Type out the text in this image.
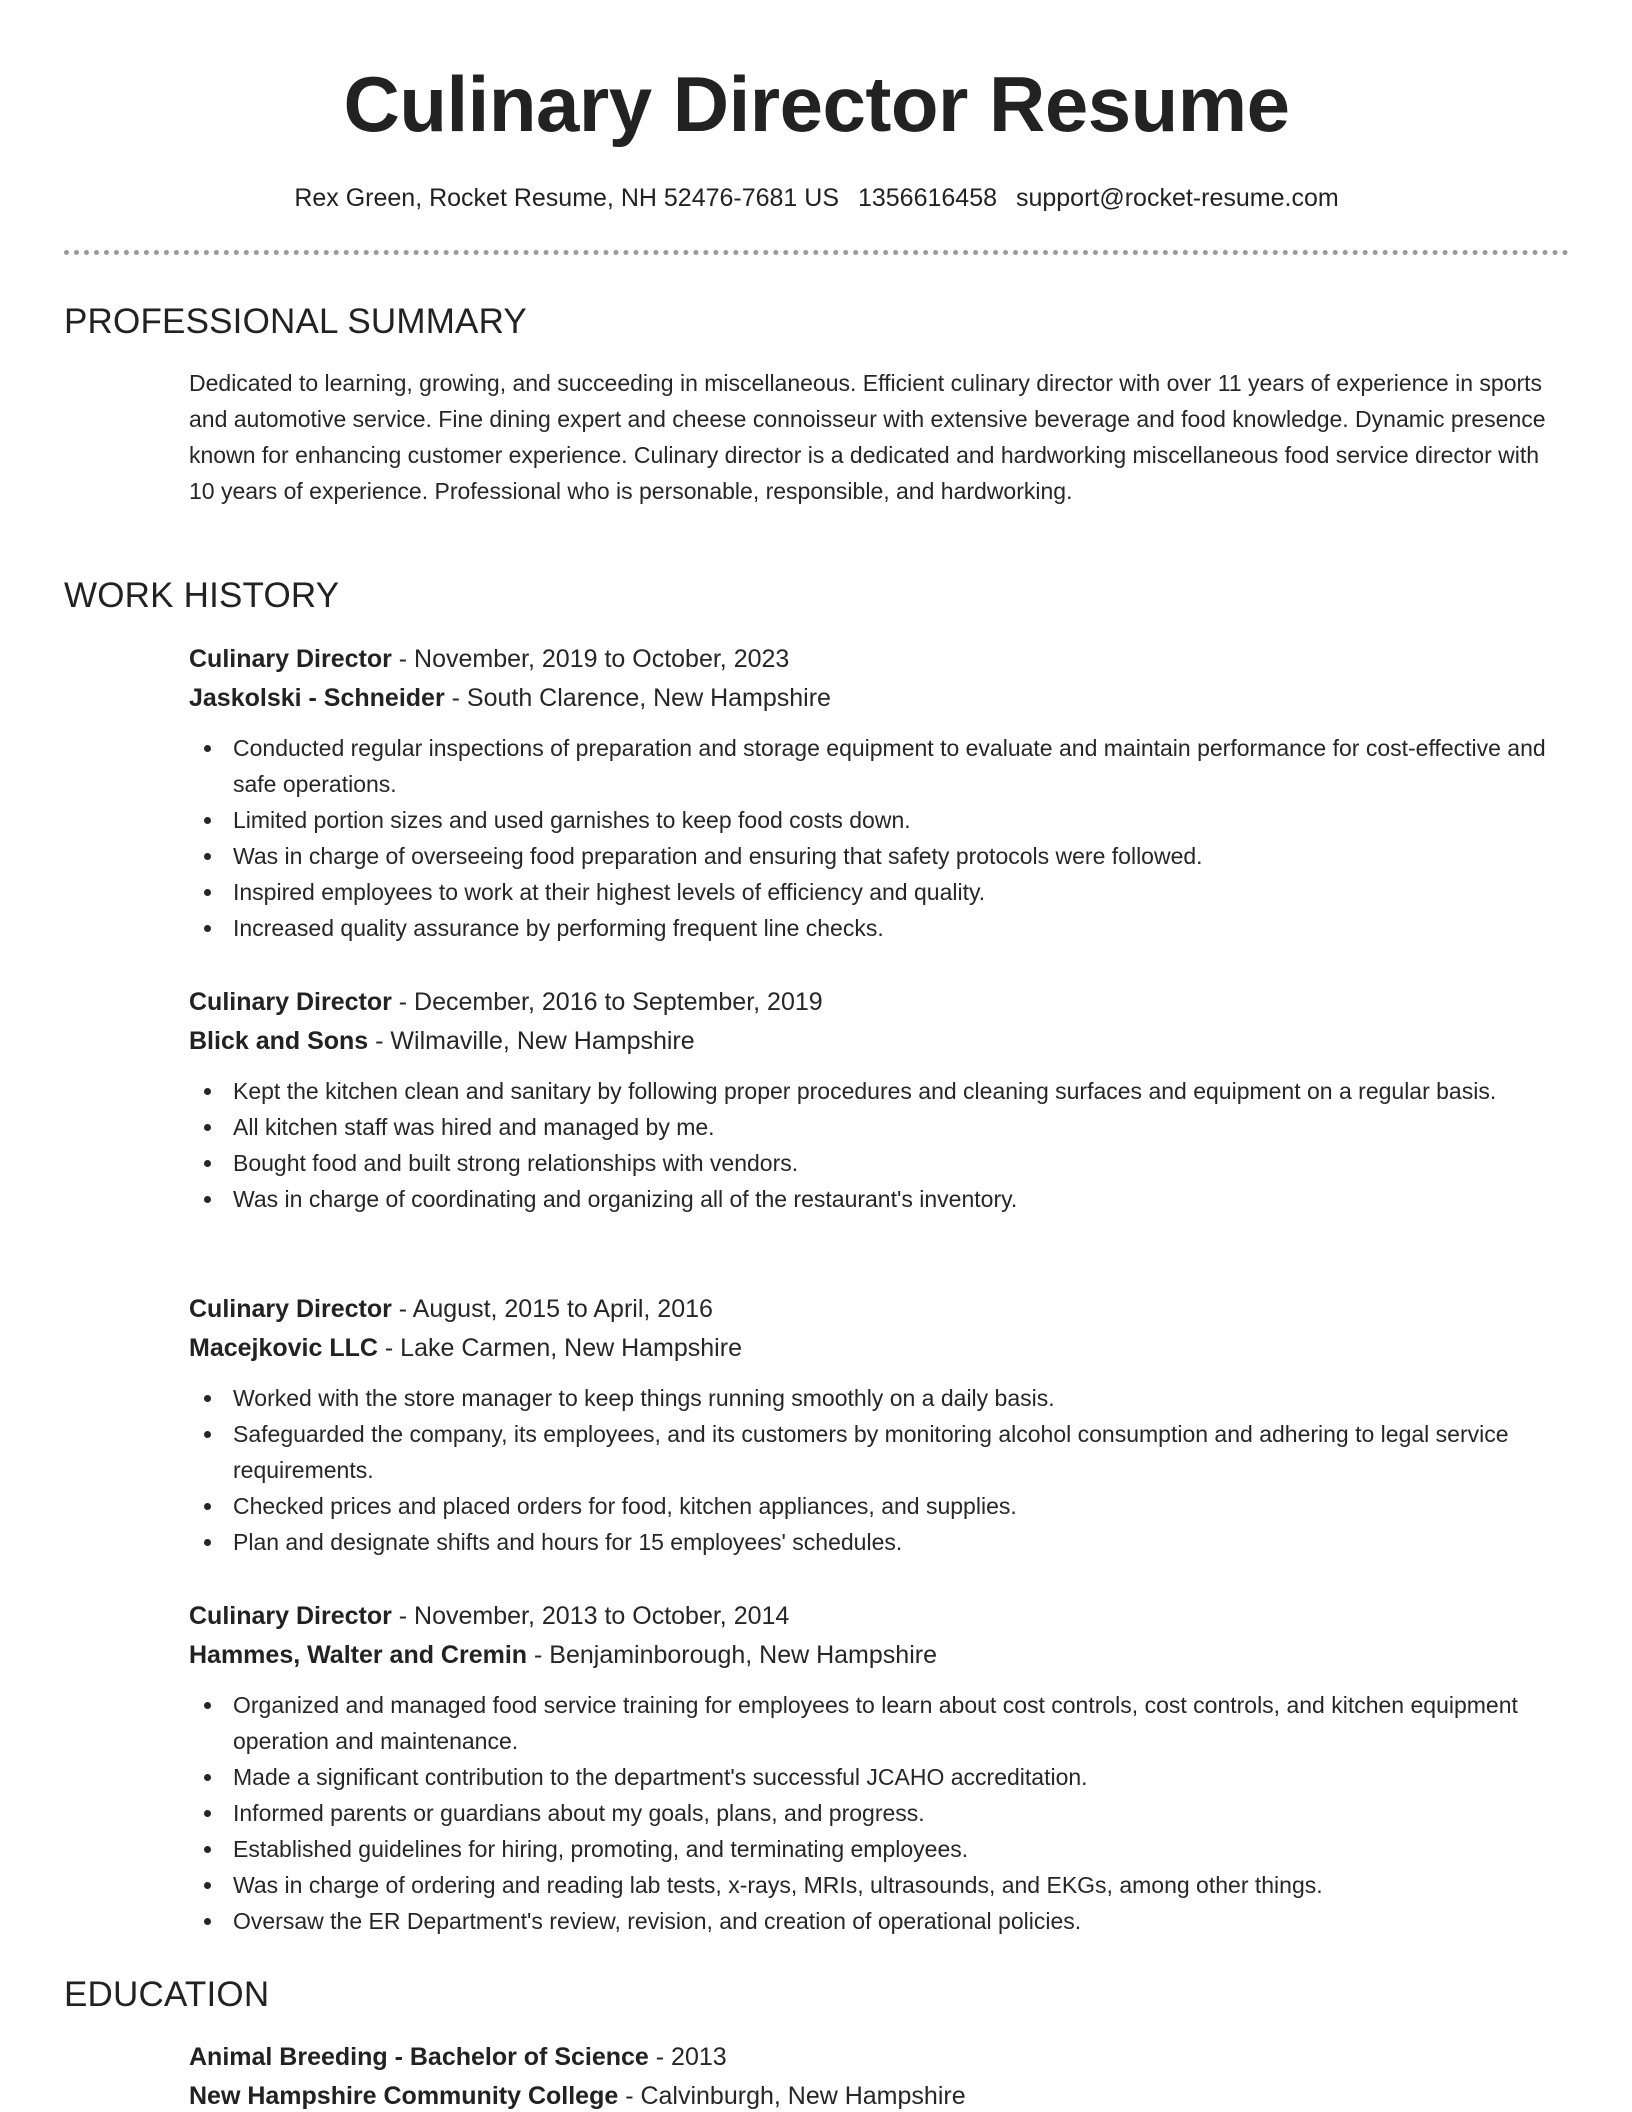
Culinary Director Resume
Rex Green, Rocket Resume, NH 52476-7681 US 1356616458 support@rocket-resume.com
PROFESSIONAL SUMMARY
Dedicated to learning, growing, and succeeding in miscellaneous. Efficient culinary director with over 11 years of experience in sports and automotive service. Fine dining expert and cheese connoisseur with extensive beverage and food knowledge. Dynamic presence known for enhancing customer experience. Culinary director is a dedicated and hardworking miscellaneous food service director with 10 years of experience. Professional who is personable, responsible, and hardworking.
WORK HISTORY
Culinary Director - November, 2019 to October, 2023
Jaskolski - Schneider - South Clarence, New Hampshire
Conducted regular inspections of preparation and storage equipment to evaluate and maintain performance for cost-effective and safe operations.
Limited portion sizes and used garnishes to keep food costs down.
Was in charge of overseeing food preparation and ensuring that safety protocols were followed.
Inspired employees to work at their highest levels of efficiency and quality.
Increased quality assurance by performing frequent line checks.
Culinary Director - December, 2016 to September, 2019
Blick and Sons - Wilmaville, New Hampshire
Kept the kitchen clean and sanitary by following proper procedures and cleaning surfaces and equipment on a regular basis.
All kitchen staff was hired and managed by me.
Bought food and built strong relationships with vendors.
Was in charge of coordinating and organizing all of the restaurant's inventory.
Culinary Director - August, 2015 to April, 2016
Macejkovic LLC - Lake Carmen, New Hampshire
Worked with the store manager to keep things running smoothly on a daily basis.
Safeguarded the company, its employees, and its customers by monitoring alcohol consumption and adhering to legal service requirements.
Checked prices and placed orders for food, kitchen appliances, and supplies.
Plan and designate shifts and hours for 15 employees' schedules.
Culinary Director - November, 2013 to October, 2014
Hammes, Walter and Cremin - Benjaminborough, New Hampshire
Organized and managed food service training for employees to learn about cost controls, cost controls, and kitchen equipment operation and maintenance.
Made a significant contribution to the department's successful JCAHO accreditation.
Informed parents or guardians about my goals, plans, and progress.
Established guidelines for hiring, promoting, and terminating employees.
Was in charge of ordering and reading lab tests, x-rays, MRIs, ultrasounds, and EKGs, among other things.
Oversaw the ER Department's review, revision, and creation of operational policies.
EDUCATION
Animal Breeding - Bachelor of Science - 2013
New Hampshire Community College - Calvinburgh, New Hampshire
